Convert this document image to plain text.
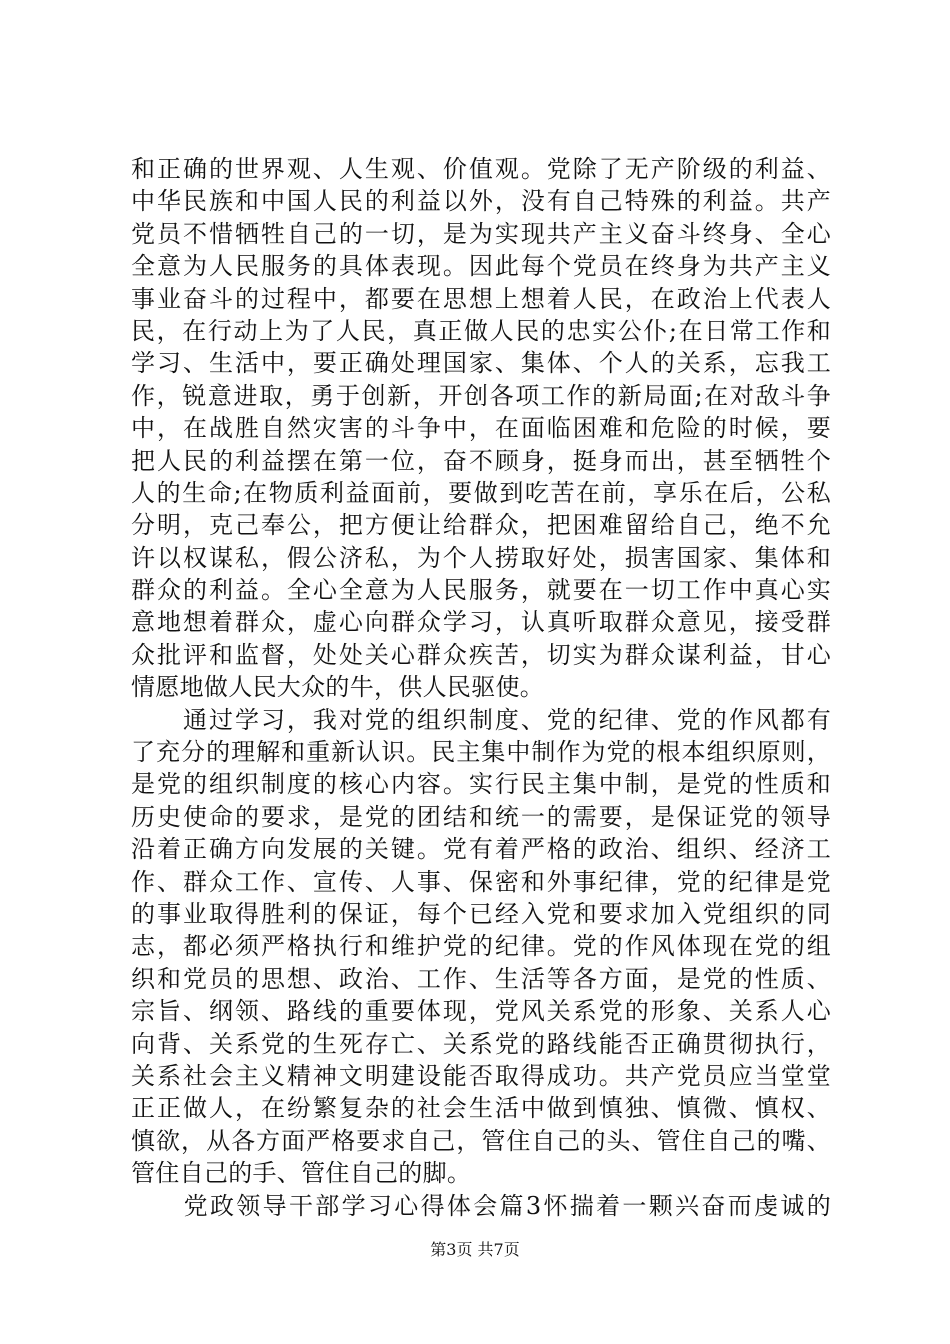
和正确的世界观、人生观、价值观。党除了无产阶级的利益、
中华民族和中国人民的利益以外，没有自己特殊的利益。共产
党员不惜牺牲自己的一切，是为实现共产主义奋斗终身、全心
全意为人民服务的具体表现。因此每个党员在终身为共产主义
事业奋斗的过程中，都要在思想上想着人民，在政治上代表人
民，在行动上为了人民，真正做人民的忠实公仆;在日常工作和
学习、生活中，要正确处理国家、集体、个人的关系，忘我工
作，锐意进取，勇于创新，开创各项工作的新局面;在对敌斗争
中，在战胜自然灾害的斗争中，在面临困难和危险的时候，要
把人民的利益摆在第一位，奋不顾身，挺身而出，甚至牺牲个
人的生命;在物质利益面前，要做到吃苦在前，享乐在后，公私
分明，克己奉公，把方便让给群众，把困难留给自己，绝不允
许以权谋私，假公济私，为个人捞取好处，损害国家、集体和
群众的利益。全心全意为人民服务，就要在一切工作中真心实
意地想着群众，虚心向群众学习，认真听取群众意见，接受群
众批评和监督，处处关心群众疾苦，切实为群众谋利益，甘心
情愿地做人民大众的牛，供人民驱使。
　　通过学习，我对党的组织制度、党的纪律、党的作风都有
了充分的理解和重新认识。民主集中制作为党的根本组织原则，
是党的组织制度的核心内容。实行民主集中制，是党的性质和
历史使命的要求，是党的团结和统一的需要，是保证党的领导
沿着正确方向发展的关键。党有着严格的政治、组织、经济工
作、群众工作、宣传、人事、保密和外事纪律，党的纪律是党
的事业取得胜利的保证，每个已经入党和要求加入党组织的同
志，都必须严格执行和维护党的纪律。党的作风体现在党的组
织和党员的思想、政治、工作、生活等各方面，是党的性质、
宗旨、纲领、路线的重要体现，党风关系党的形象、关系人心
向背、关系党的生死存亡、关系党的路线能否正确贯彻执行，
关系社会主义精神文明建设能否取得成功。共产党员应当堂堂
正正做人，在纷繁复杂的社会生活中做到慎独、慎微、慎权、
慎欲，从各方面严格要求自己，管住自己的头、管住自己的嘴、
管住自己的手、管住自己的脚。
　　党政领导干部学习心得体会篇3怀揣着一颗兴奋而虔诚的
第3页 共7页
